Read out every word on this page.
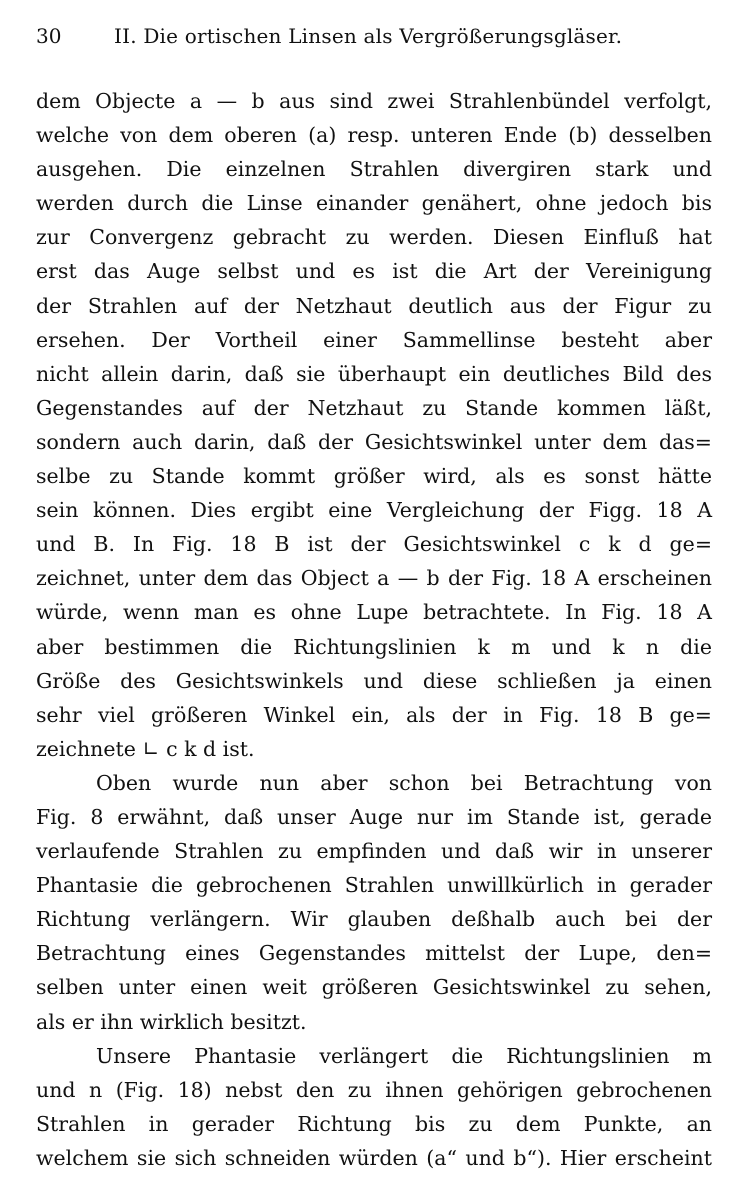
30	II. Die ortischen Linsen als Vergrößerungsgläser.

dem Objecte a — b aus sind zwei Strahlenbündel verfolgt,
welche von dem oberen (a) resp. unteren Ende (b) desselben
ausgehen. Die einzelnen Strahlen divergiren stark und
werden durch die Linse einander genähert, ohne jedoch bis
zur Convergenz gebracht zu werden. Diesen Einfluß hat
erst das Auge selbst und es ist die Art der Vereinigung
der Strahlen auf der Netzhaut deutlich aus der Figur zu
ersehen. Der Vortheil einer Sammellinse besteht aber
nicht allein darin, daß sie überhaupt ein deutliches Bild des
Gegenstandes auf der Netzhaut zu Stande kommen läßt,
sondern auch darin, daß der Gesichtswinkel unter dem das=
selbe zu Stande kommt größer wird, als es sonst hätte
sein können. Dies ergibt eine Vergleichung der Figg. 18 A
und B. In Fig. 18 B ist der Gesichtswinkel c k d ge=
zeichnet, unter dem das Object a — b der Fig. 18 A erscheinen
würde, wenn man es ohne Lupe betrachtete. In Fig. 18 A
aber bestimmen die Richtungslinien k m und k n die
Größe des Gesichtswinkels und diese schließen ja einen
sehr viel größeren Winkel ein, als der in Fig. 18 B ge=
zeichnete ∟ c k d ist.

Oben wurde nun aber schon bei Betrachtung von
Fig. 8 erwähnt, daß unser Auge nur im Stande ist, gerade
verlaufende Strahlen zu empfinden und daß wir in unserer
Phantasie die gebrochenen Strahlen unwillkürlich in gerader
Richtung verlängern. Wir glauben deßhalb auch bei der
Betrachtung eines Gegenstandes mittelst der Lupe, den=
selben unter einen weit größeren Gesichtswinkel zu sehen,
als er ihn wirklich besitzt.

Unsere Phantasie verlängert die Richtungslinien m
und n (Fig. 18) nebst den zu ihnen gehörigen gebrochenen
Strahlen in gerader Richtung bis zu dem Punkte, an
welchem sie sich schneiden würden (a“ und b“). Hier erscheint
